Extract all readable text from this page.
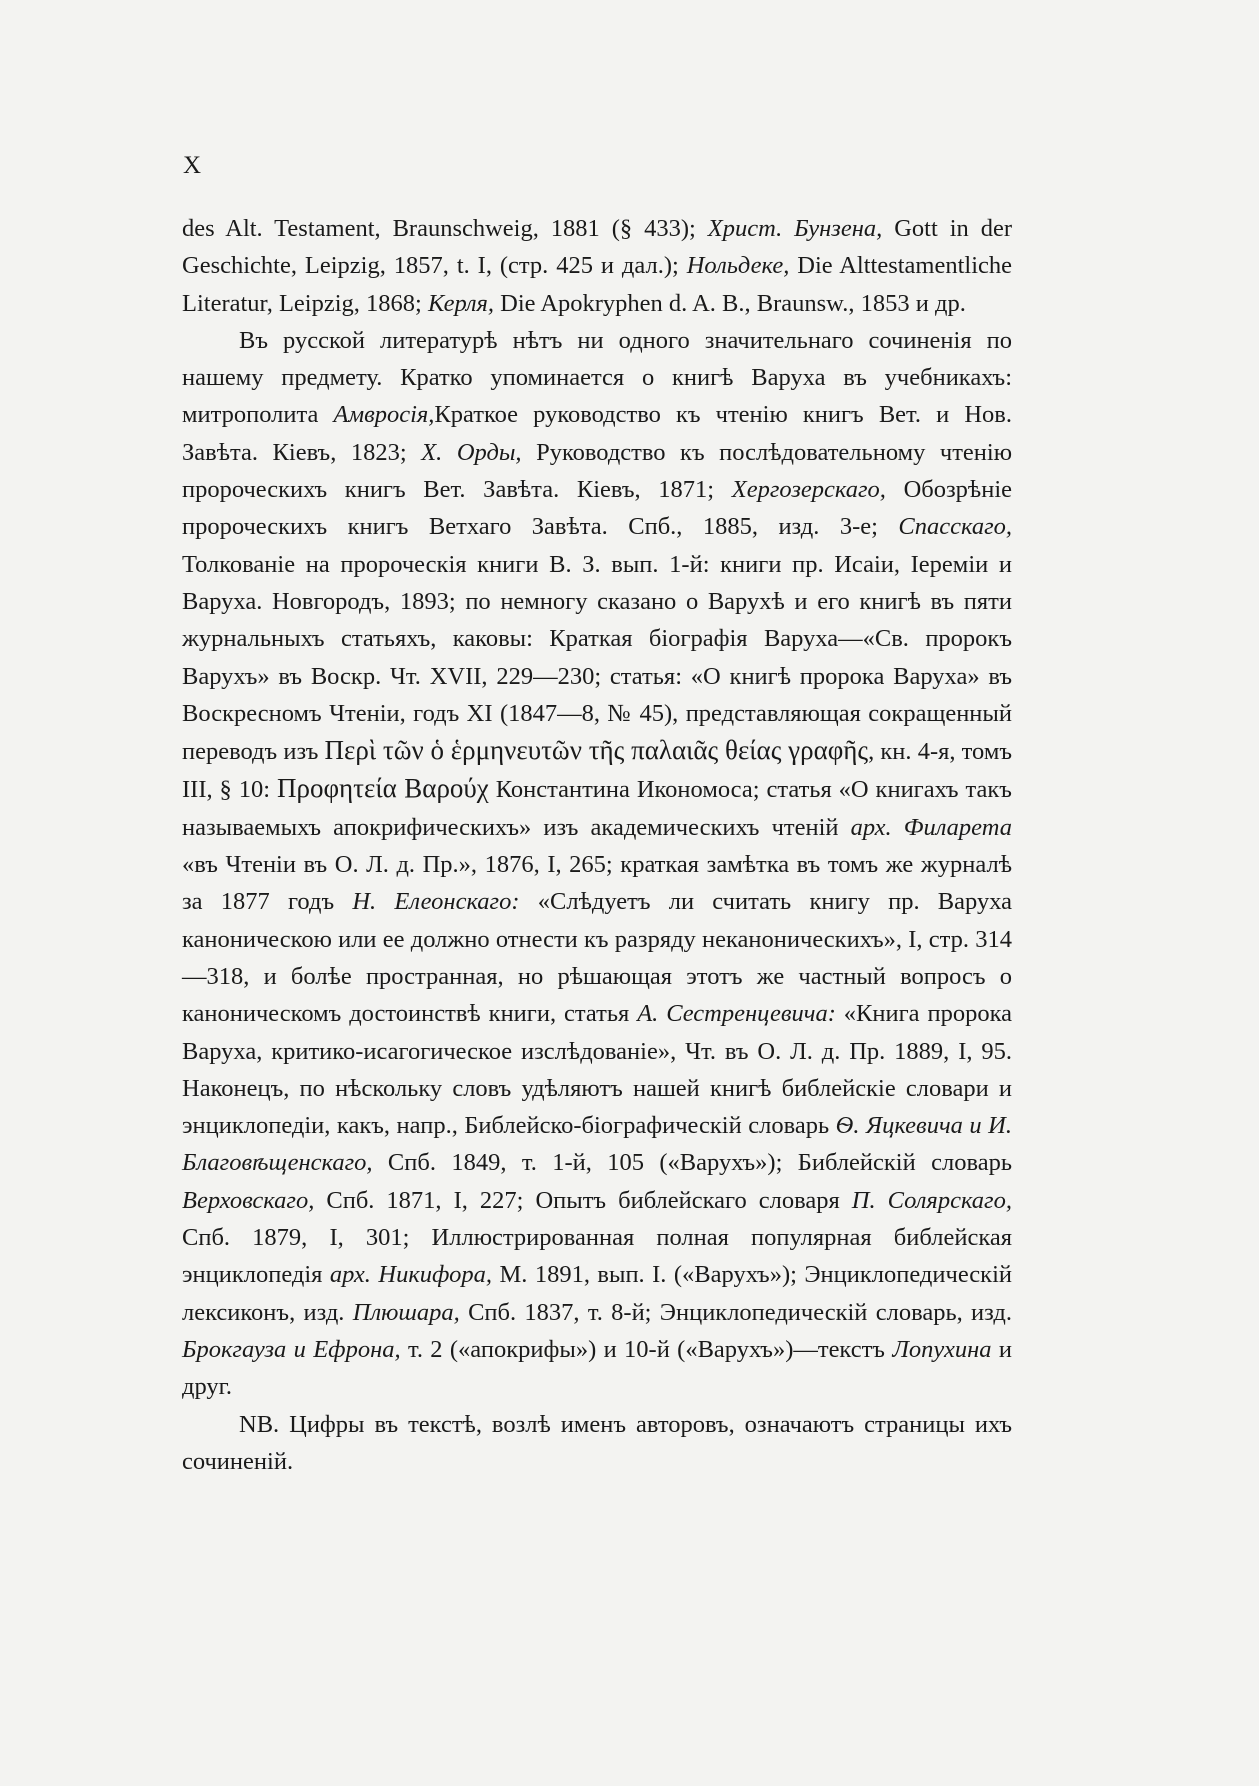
X

des Alt. Testament, Braunschweig, 1881 (§ 433); Христ. Бунзена, Gott in der Geschichte, Leipzig, 1857, t. I, (стр. 425 и дал.); Нольдеке, Die Alttestamentliche Literatur, Leipzig, 1868; Керля, Die Apokryphen d. A. B., Braunsw., 1853 и др.

Въ русской литературѣ нѣтъ ни одного значительнаго сочиненія по нашему предмету. Кратко упоминается о книгѣ Варуха въ учебникахъ: митрополита Амвросія,Краткое руководство къ чтенію книгъ Вет. и Нов. Завѣта. Кіевъ, 1823; X. Орды, Руководство къ послѣдовательному чтенію пророческихъ книгъ Вет. Завѣта. Кіевъ, 1871; Хергозерскаго, Обозрѣніе пророческихъ книгъ Ветхаго Завѣта. Спб., 1885, изд. 3-е; Спасскаго, Толкованіе на пророческія книги В. З. вып. 1-й: книги пр. Исаіи, Іереміи и Варуха. Новгородъ, 1893; по немногу сказано о Варухѣ и его книгѣ въ пяти журнальныхъ статьяхъ, каковы: Краткая біографія Варуха—«Св. пророкъ Варухъ» въ Воскр. Чт. XVII, 229—230; статья: «О книгѣ пророка Варуха» въ Воскресномъ Чтеніи, годъ XI (1847—8, № 45), представляющая сокращенный переводъ изъ Περὶ τῶν ὁ ἑρμηνευτῶν τῆς παλαιᾶς θείας γραφῆς, кн. 4-я, томъ III, § 10: Προφητεία Βαρούχ Константина Икономоса; статья «О книгахъ такъ называемыхъ апокрифическихъ» изъ академическихъ чтеній арх. Филарета «въ Чтеніи въ О. Л. д. Пр.», 1876, I, 265; краткая замѣтка въ томъ же журналѣ за 1877 годъ Н. Елеонскаго: «Слѣдуетъ ли считать книгу пр. Варуха каноническою или ее должно отнести къ разряду неканоническихъ», I, стр. 314—318, и болѣе пространная, но рѣшающая этотъ же частный вопросъ о каноническомъ достоинствѣ книги, статья А. Сестренцевича: «Книга пророка Варуха, критико-исагогическое изслѣдованіе», Чт. въ О. Л. д. Пр. 1889, I, 95. Наконецъ, по нѣскольку словъ удѣляютъ нашей книгѣ библейскіе словари и энциклопедіи, какъ, напр., Библейско-біографическій словарь Ѳ. Яцкевича и И. Благовѣщенскаго, Спб. 1849, т. 1-й, 105 («Варухъ»); Библейскій словарь Верховскаго, Спб. 1871, I, 227; Опытъ библейскаго словаря П. Солярскаго, Спб. 1879, I, 301; Иллюстрированная полная популярная библейская энциклопедія арх. Никифора, М. 1891, вып. I. («Варухъ»); Энциклопедическій лексиконъ, изд. Плюшара, Спб. 1837, т. 8-й; Энциклопедическій словарь, изд. Брокгауза и Ефрона, т. 2 («апокрифы») и 10-й («Варухъ»)—текстъ Лопухина и друг.

NB. Цифры въ текстѣ, возлѣ именъ авторовъ, означаютъ страницы ихъ сочиненій.
